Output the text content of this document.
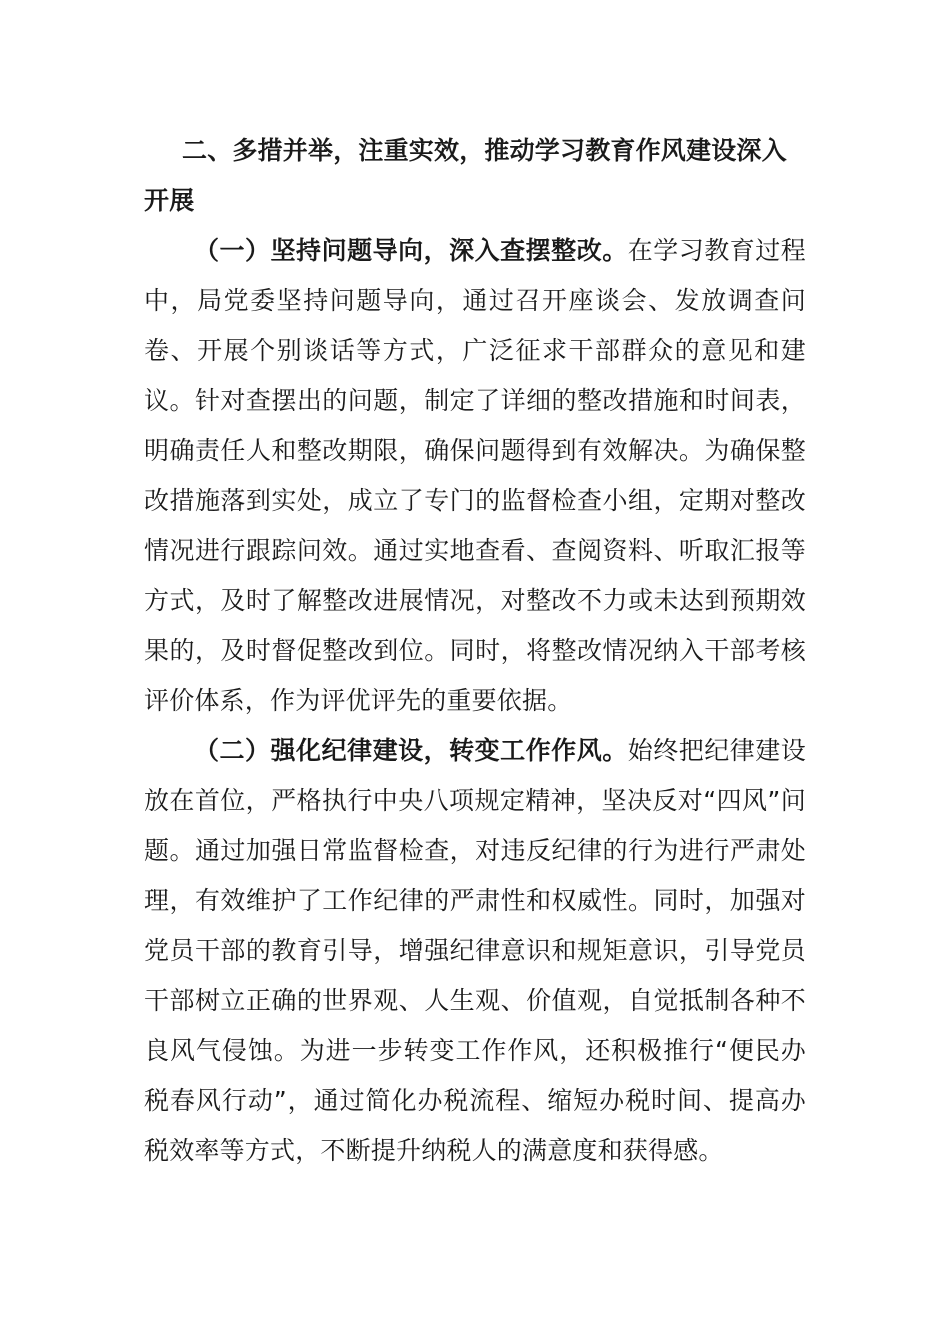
二、多措并举，注重实效，推动学习教育作风建设深入开展

（一）坚持问题导向，深入查摆整改。在学习教育过程中，局党委坚持问题导向，通过召开座谈会、发放调查问卷、开展个别谈话等方式，广泛征求干部群众的意见和建议。针对查摆出的问题，制定了详细的整改措施和时间表，明确责任人和整改期限，确保问题得到有效解决。为确保整改措施落到实处，成立了专门的监督检查小组，定期对整改情况进行跟踪问效。通过实地查看、查阅资料、听取汇报等方式，及时了解整改进展情况，对整改不力或未达到预期效果的，及时督促整改到位。同时，将整改情况纳入干部考核评价体系，作为评优评先的重要依据。

（二）强化纪律建设，转变工作作风。始终把纪律建设放在首位，严格执行中央八项规定精神，坚决反对“四风”问题。通过加强日常监督检查，对违反纪律的行为进行严肃处理，有效维护了工作纪律的严肃性和权威性。同时，加强对党员干部的教育引导，增强纪律意识和规矩意识，引导党员干部树立正确的世界观、人生观、价值观，自觉抵制各种不良风气侵蚀。为进一步转变工作作风，还积极推行“便民办税春风行动”，通过简化办税流程、缩短办税时间、提高办税效率等方式，不断提升纳税人的满意度和获得感。
